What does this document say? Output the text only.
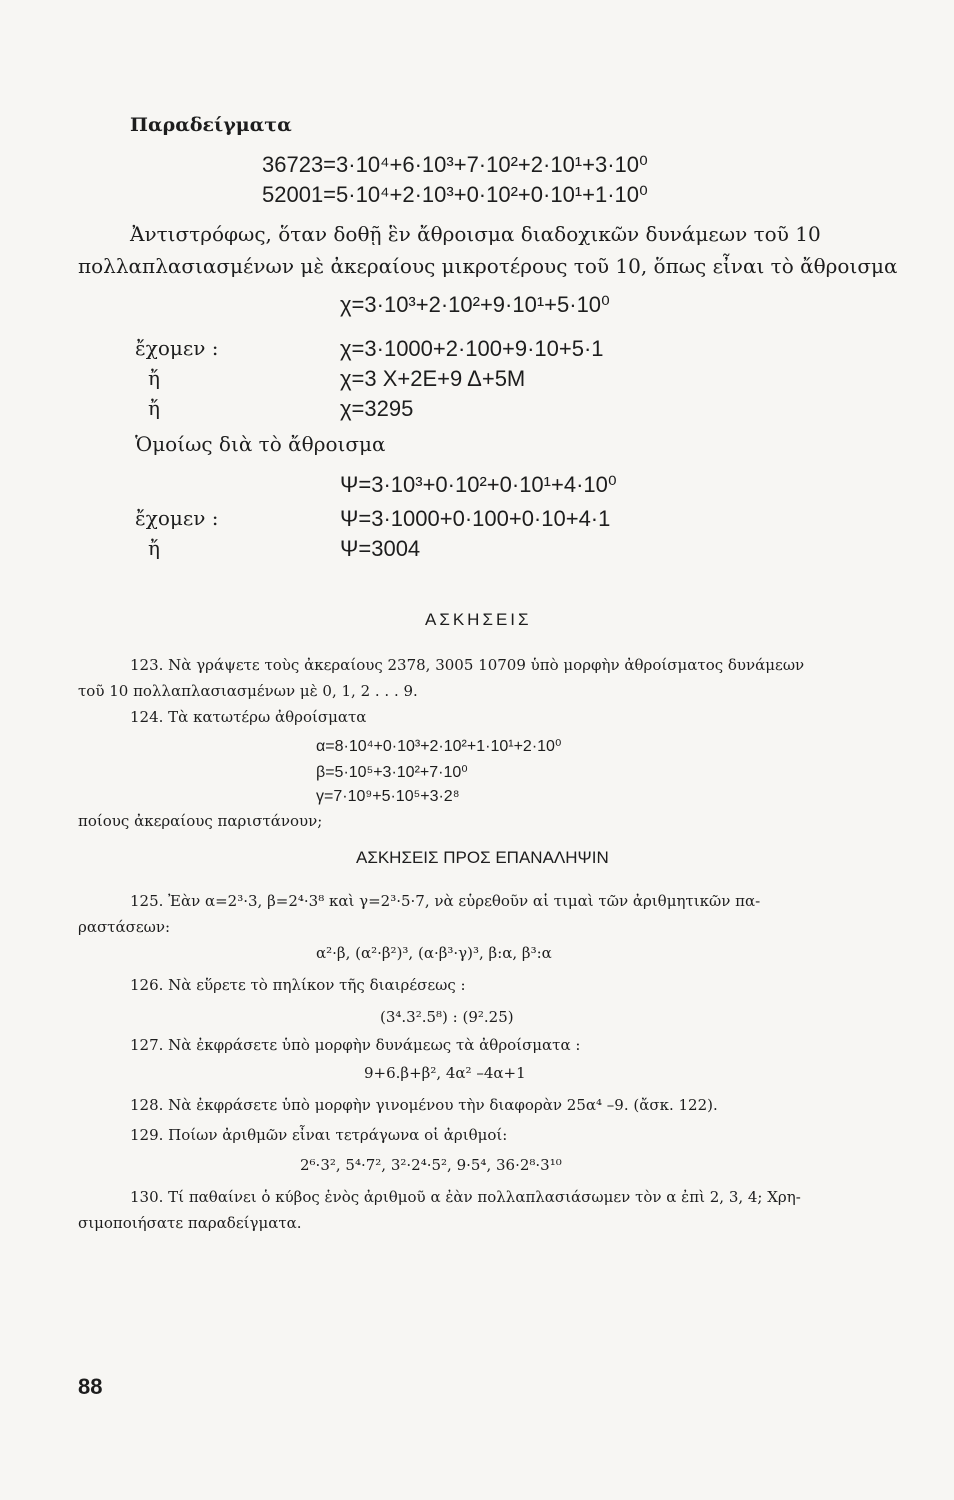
Παραδείγματα
36723=3·10⁴+6·10³+7·10²+2·10¹+3·10⁰
52001=5·10⁴+2·10³+0·10²+0·10¹+1·10⁰
Ἀντιστρόφως, ὅταν δοθῇ ἓν ἄθροισμα διαδοχικῶν δυνάμεων τοῦ 10
πολλαπλασιασμένων μὲ ἀκεραίους μικροτέρους τοῦ 10, ὅπως εἶναι τὸ ἄθροισμα
χ=3·10³+2·10²+9·10¹+5·10⁰
ἔχομεν :	χ=3·1000+2·100+9·10+5·1
ἤ	χ=3 Χ+2Ε+9 Δ+5Μ
ἤ	χ=3295
Ὁμοίως διὰ τὸ ἄθροισμα
Ψ=3·10³+0·10²+0·10¹+4·10⁰
ἔχομεν :	Ψ=3·1000+0·100+0·10+4·1
ἤ	Ψ=3004
ΑΣΚΗΣΕΙΣ
123. Νὰ γράψετε τοὺς ἀκεραίους 2378, 3005 10709 ὑπὸ μορφὴν ἀθροίσματος δυνάμεων
τοῦ 10 πολλαπλασιασμένων μὲ 0, 1, 2 . . . 9.
124. Τὰ κατωτέρω ἀθροίσματα
α=8·10⁴+0·10³+2·10²+1·10¹+2·10⁰
β=5·10⁵+3·10²+7·10⁰
γ=7·10⁹+5·10⁵+3·2⁸
ποίους ἀκεραίους παριστάνουν;
ΑΣΚΗΣΕΙΣ ΠΡΟΣ ΕΠΑΝΑΛΗΨΙΝ
125. Ἐὰν α=2³·3, β=2⁴·3⁸ καὶ γ=2³·5·7, νὰ εὑρεθοῦν αἱ τιμαὶ τῶν ἀριθμητικῶν πα-
ραστάσεων:
α²·β, (α²·β²)³, (α·β³·γ)³, β:α, β³:α
126. Νὰ εὕρετε τὸ πηλίκον τῆς διαιρέσεως :
(3⁴.3².5⁸) : (9².25)
127. Νὰ ἐκφράσετε ὑπὸ μορφὴν δυνάμεως τὰ ἀθροίσματα :
9+6.β+β², 4α² –4α+1
128. Νὰ ἐκφράσετε ὑπὸ μορφὴν γινομένου τὴν διαφορὰν 25α⁴ –9. (ἄσκ. 122).
129. Ποίων ἀριθμῶν εἶναι τετράγωνα οἱ ἀριθμοί:
2⁶·3², 5⁴·7², 3²·2⁴·5², 9·5⁴, 36·2⁸·3¹⁰
130. Τί παθαίνει ὁ κύβος ἑνὸς ἀριθμοῦ α ἐὰν πολλαπλασιάσωμεν τὸν α ἐπὶ 2, 3, 4; Χρη-
σιμοποιήσατε παραδείγματα.
88
